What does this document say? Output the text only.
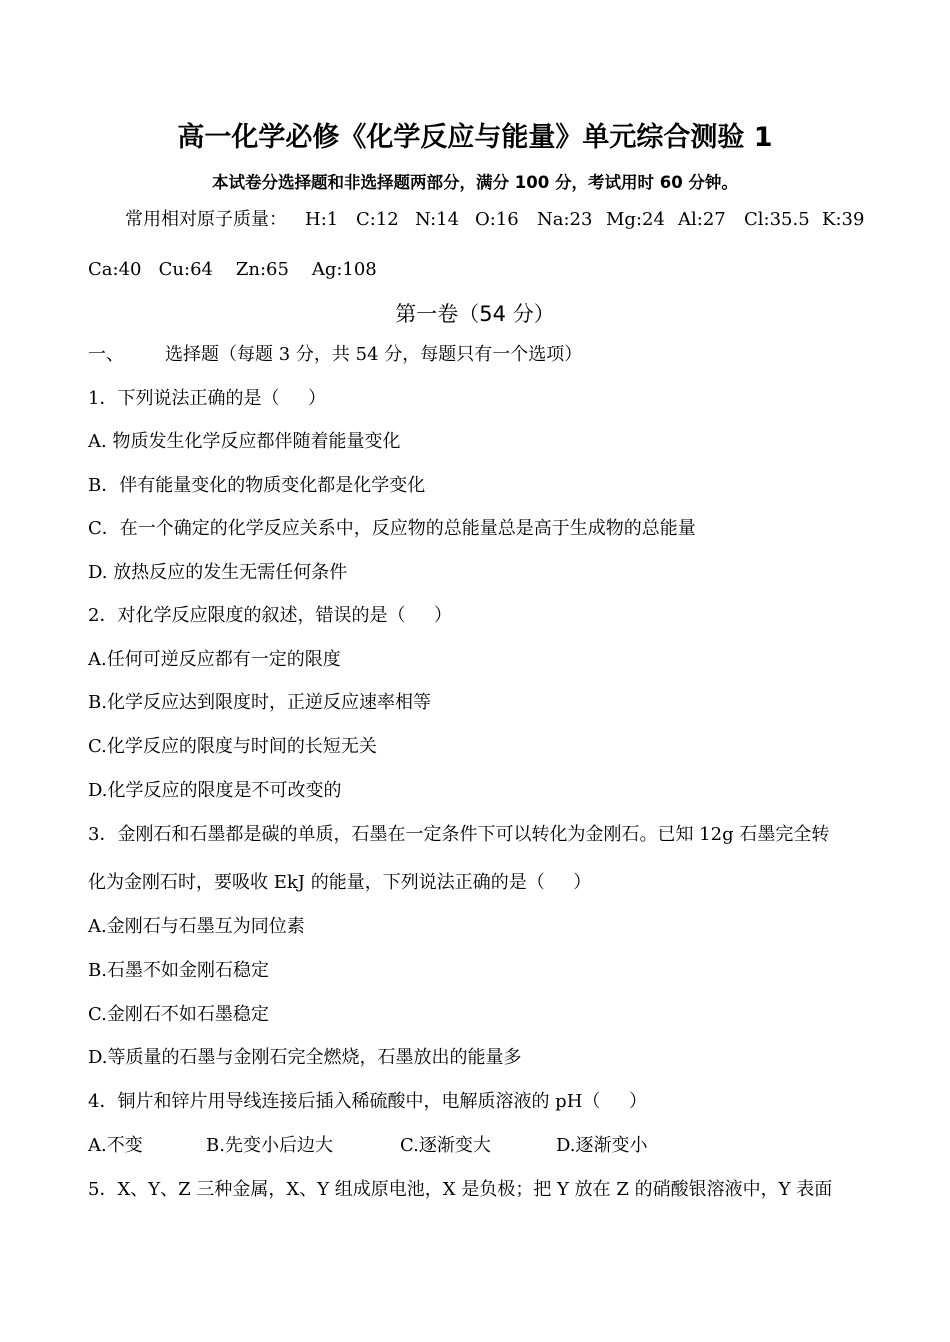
高一化学必修《化学反应与能量》单元综合测验 1
本试卷分选择题和非选择题两部分，满分 100 分，考试用时 60 分钟。
常用相对原子质量： H:1 C:12 N:14 O:16 Na:23 Mg:24 Al:27 Cl:35.5 K:39
Ca:40   Cu:64    Zn:65    Ag:108
第一卷（54 分）
一、 选择题（每题 3 分，共 54 分，每题只有一个选项）
1．下列说法正确的是（     ）
A. 物质发生化学反应都伴随着能量变化
B．伴有能量变化的物质变化都是化学变化
C．在一个确定的化学反应关系中，反应物的总能量总是高于生成物的总能量
D. 放热反应的发生无需任何条件
2．对化学反应限度的叙述，错误的是（     ）
A.任何可逆反应都有一定的限度
B.化学反应达到限度时，正逆反应速率相等
C.化学反应的限度与时间的长短无关
D.化学反应的限度是不可改变的
3．金刚石和石墨都是碳的单质，石墨在一定条件下可以转化为金刚石。已知 12g 石墨完全转
化为金刚石时，要吸收 EkJ 的能量，下列说法正确的是（     ）
A.金刚石与石墨互为同位素
B.石墨不如金刚石稳定
C.金刚石不如石墨稳定
D.等质量的石墨与金刚石完全燃烧，石墨放出的能量多
4．铜片和锌片用导线连接后插入稀硫酸中，电解质溶液的 pH（     ）
A.不变	B.先变小后边大	C.逐渐变大	D.逐渐变小
5．X、Y、Z 三种金属，X、Y 组成原电池，X 是负极；把 Y 放在 Z 的硝酸银溶液中，Y 表面
